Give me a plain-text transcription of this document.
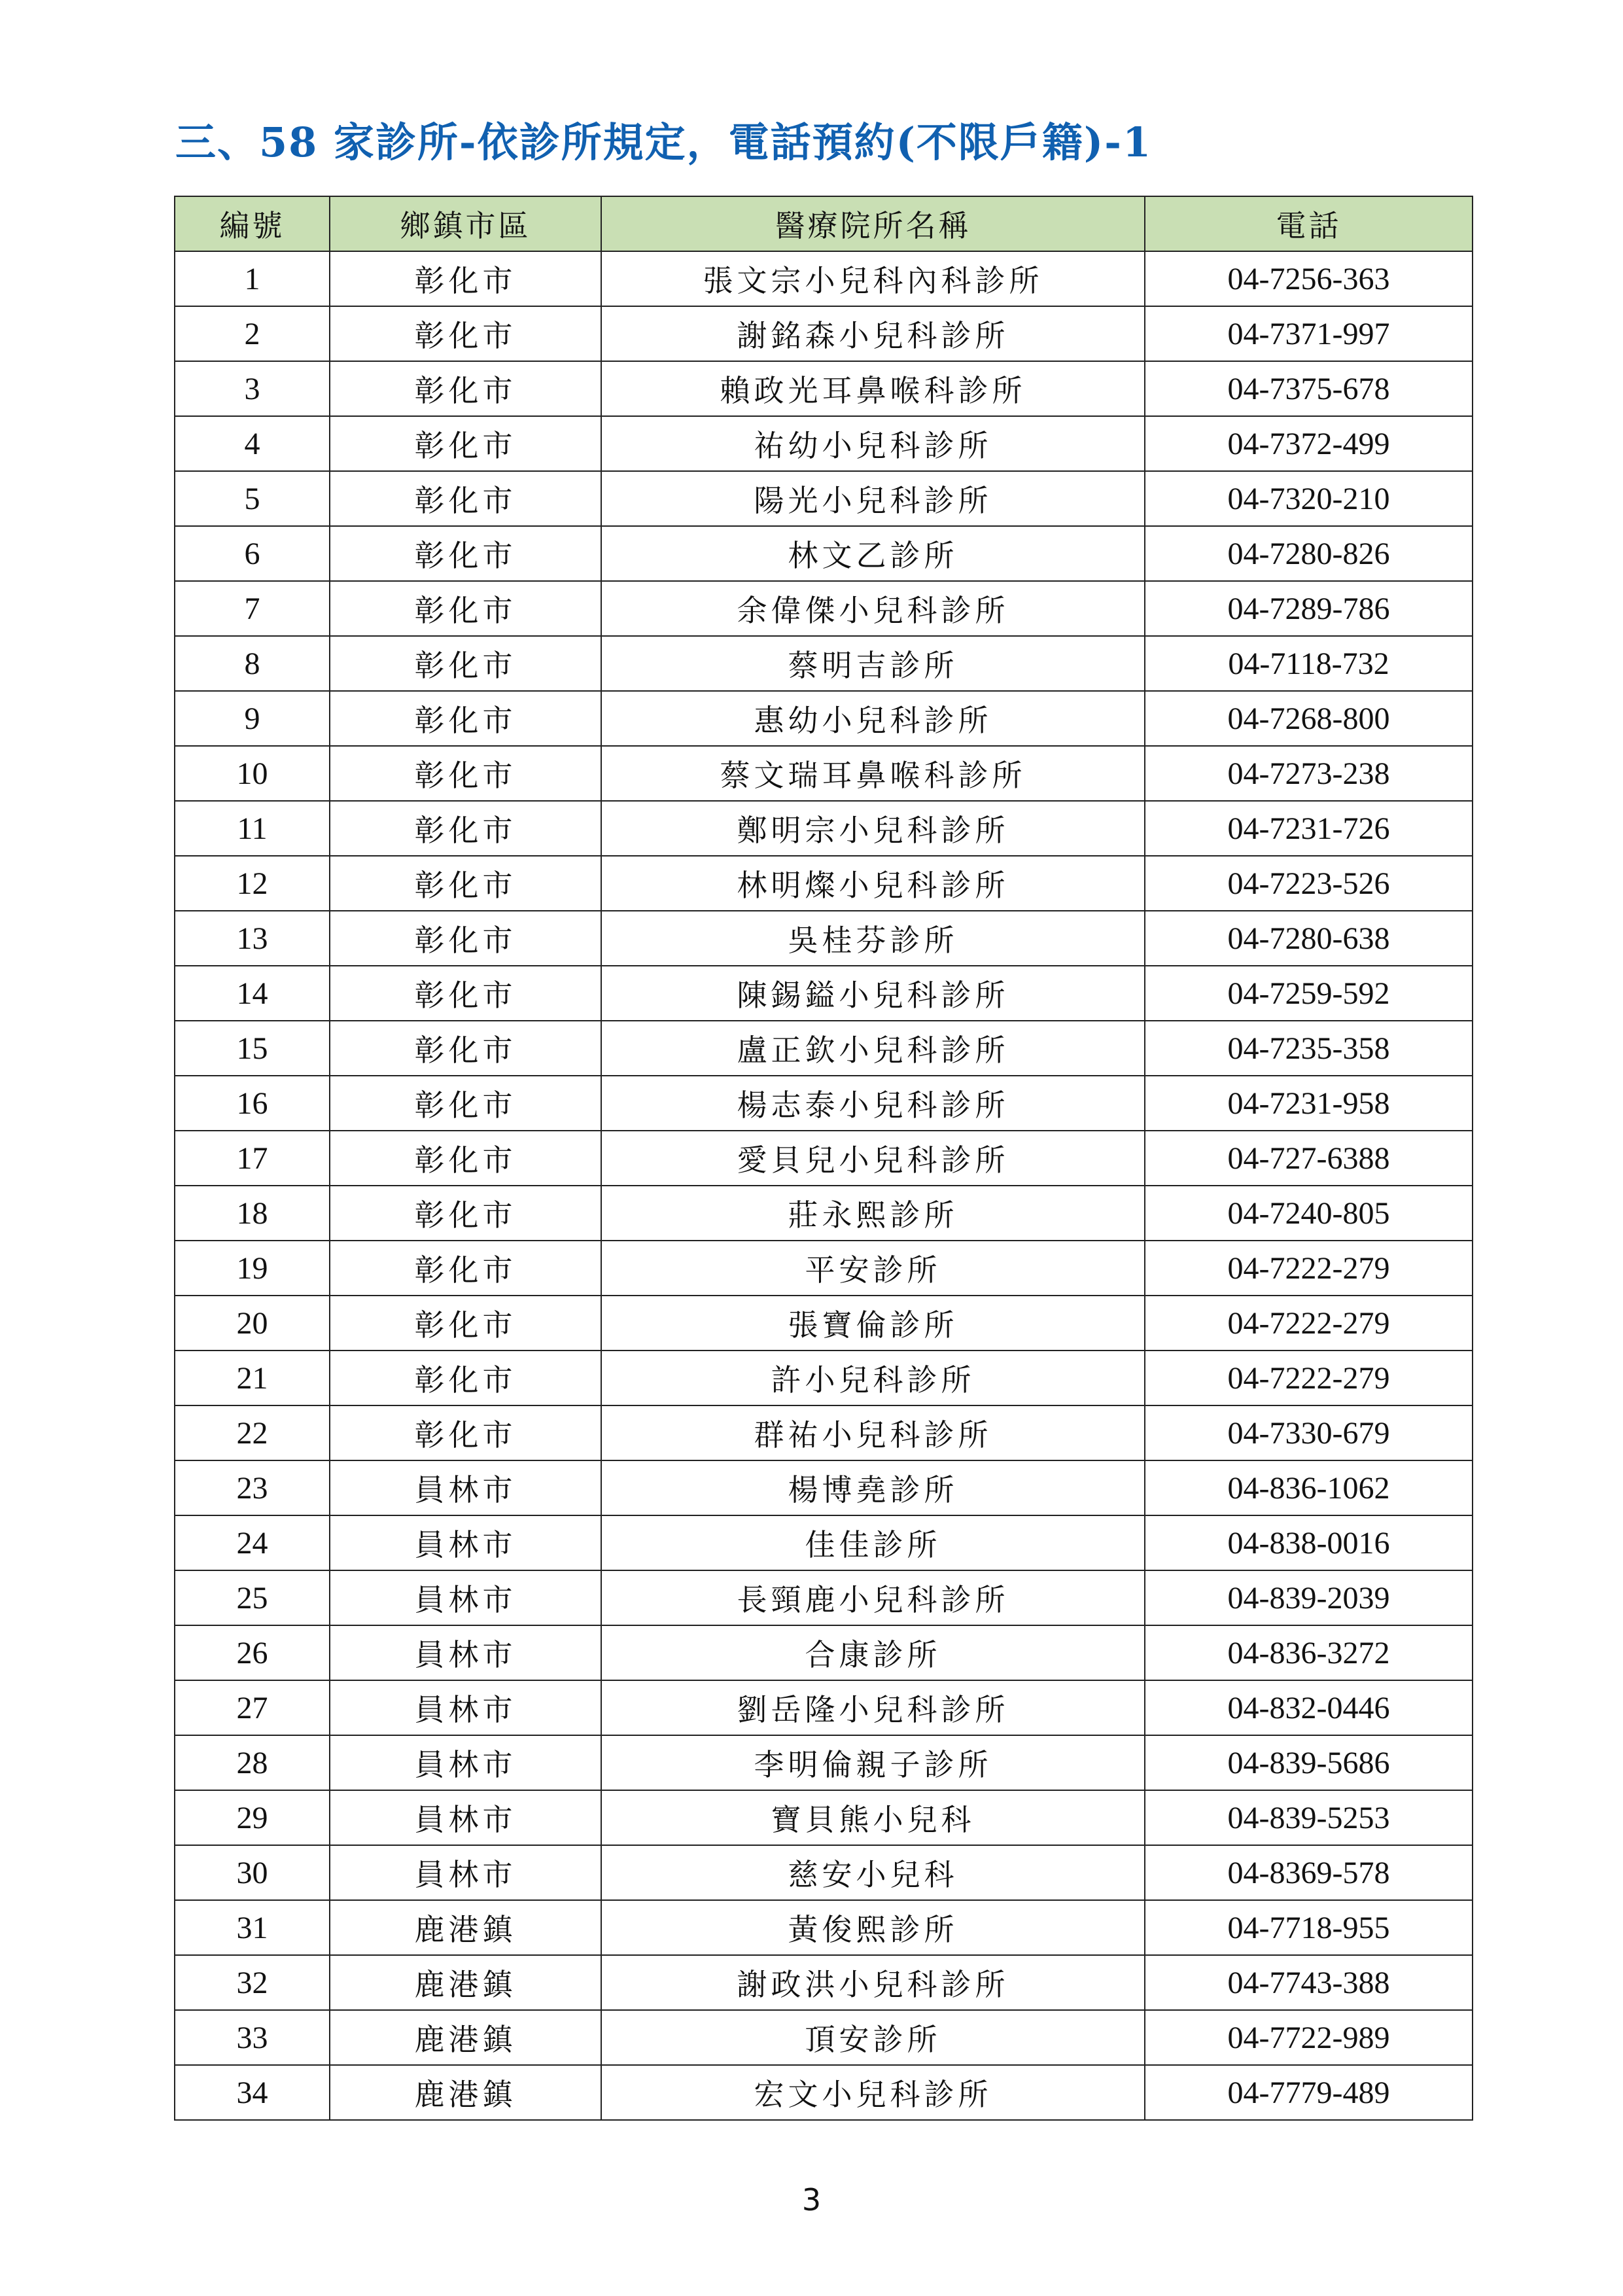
三、58 家診所-依診所規定，電話預約(不限戶籍)-1
編號	鄉鎮市區	醫療院所名稱	電話
1	彰化市	張文宗小兒科內科診所	04-7256-363
2	彰化市	謝銘森小兒科診所	04-7371-997
3	彰化市	賴政光耳鼻喉科診所	04-7375-678
4	彰化市	祐幼小兒科診所	04-7372-499
5	彰化市	陽光小兒科診所	04-7320-210
6	彰化市	林文乙診所	04-7280-826
7	彰化市	余偉傑小兒科診所	04-7289-786
8	彰化市	蔡明吉診所	04-7118-732
9	彰化市	惠幼小兒科診所	04-7268-800
10	彰化市	蔡文瑞耳鼻喉科診所	04-7273-238
11	彰化市	鄭明宗小兒科診所	04-7231-726
12	彰化市	林明燦小兒科診所	04-7223-526
13	彰化市	吳桂芬診所	04-7280-638
14	彰化市	陳錫鎰小兒科診所	04-7259-592
15	彰化市	盧正欽小兒科診所	04-7235-358
16	彰化市	楊志泰小兒科診所	04-7231-958
17	彰化市	愛貝兒小兒科診所	04-727-6388
18	彰化市	莊永熙診所	04-7240-805
19	彰化市	平安診所	04-7222-279
20	彰化市	張寶倫診所	04-7222-279
21	彰化市	許小兒科診所	04-7222-279
22	彰化市	群祐小兒科診所	04-7330-679
23	員林市	楊博堯診所	04-836-1062
24	員林市	佳佳診所	04-838-0016
25	員林市	長頸鹿小兒科診所	04-839-2039
26	員林市	合康診所	04-836-3272
27	員林市	劉岳隆小兒科診所	04-832-0446
28	員林市	李明倫親子診所	04-839-5686
29	員林市	寶貝熊小兒科	04-839-5253
30	員林市	慈安小兒科	04-8369-578
31	鹿港鎮	黃俊熙診所	04-7718-955
32	鹿港鎮	謝政洪小兒科診所	04-7743-388
33	鹿港鎮	頂安診所	04-7722-989
34	鹿港鎮	宏文小兒科診所	04-7779-489
3
